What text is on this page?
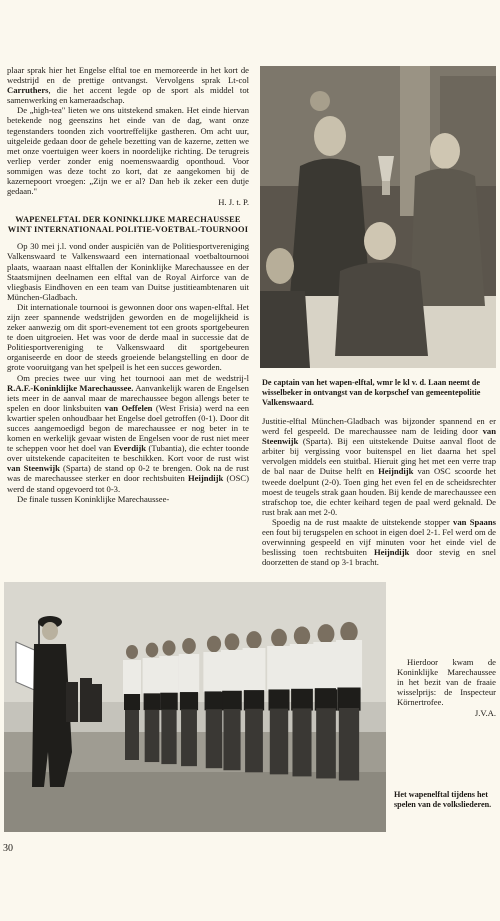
plaar sprak hier het Engelse elftal toe en memoreerde in het kort de wedstrijd en de prettige ontvangst. Vervolgens sprak Lt-col Carruthers, die het accent legde op de sport als middel tot samenwerking en kameraadschap.

De „high-tea" lieten we ons uitstekend smaken. Het einde hiervan betekende nog geenszins het einde van de dag, want onze tegenstanders toonden zich voortreffelijke gastheren. Om acht uur, uitgeleide gedaan door de gehele bezetting van de kazerne, zetten we met onze voertuigen weer koers in noordelijke richting. De terugreis verliep verder zonder enig noemenswaardig oponthoud. Voor sommigen was deze tocht zo kort, dat ze aangekomen bij de kazernepoort vroegen: „Zijn we er al? Dan heb ik zeker een dutje gedaan."

H. J. t. P.
WAPENELFTAL DER KONINKLIJKE MARECHAUSSEE WINT INTERNATIONAAL POLITIE-VOETBAL-TOURNOOI

Op 30 mei j.l. vond onder auspiciën van de Politiesportvereniging Valkenswaard te Valkenswaard een internationaal voetbaltournooi plaats, waaraan naast elftallen der Koninklijke Marechaussee en der Staatsmijnen deelnamen een elftal van de Royal Airforce van de vliegbasis Eindhoven en een team van Duitse justitieambtenaren uit München-Gladbach.

Dit internationale tournooi is gewonnen door ons wapen-elftal. Het zijn zeer spannende wedstrijden geworden en de mogelijkheid is zeker aanwezig om dit sport-evenement tot een groots sportgebeuren te doen uitgroeien. Het was voor de derde maal in successie dat de Politiesportvereniging te Valkenswaard dit sportgebeuren organiseerde en door de steeds groeiende belangstelling en door de grote vooruitgang van het spelpeil is het een succes geworden.

Om precies twee uur ving het tournooi aan met de wedstrij-l R.A.F.-Koninklijke Marechaussee. Aanvankelijk waren de Engelsen iets meer in de aanval maar de marechaussee begon allengs beter te spelen en door linksbuiten van Oeffelen (West Frisia) werd na een kwartier spelen onhoudbaar het Engelse doel getroffen (0-1). Door dit succes aangemoedigd begon de marechaussee er nog beter in te komen en werkelijk gevaar wisten de Engelsen voor de rust niet meer te scheppen voor het doel van Everdijk (Tubantia), die echter toonde over uitstekende capaciteiten te beschikken. Kort voor de rust wist van Steenwijk (Sparta) de stand op 0-2 te brengen. Ook na de rust was de marechaussee sterker en door rechtsbuiten Heijndijk (OSC) werd de stand opgevoerd tot 0-3.

De finale tussen Koninklijke Marechaussee-

De captain van het wapen-elftal, wmr le kl v. d. Laan neemt de wisselbeker in ontvangst van de korpschef van gemeentepolitie Valkenswaard.

Justitie-elftal München-Gladbach was bijzonder spannend en er werd fel gespeeld. De marechaussee nam de leiding door van Steenwijk (Sparta). Bij een uitstekende Duitse aanval floot de arbiter bij vergissing voor buitenspel en liet daarna het spel vervolgen middels een stuitbal. Hieruit ging het met een verre trap de bal naar de Duitse helft en Heijndijk van OSC scoorde het tweede doelpunt (2-0). Toen ging het even fel en de scheidsrechter moest de teugels strak gaan houden. Bij kende de marechaussee een strafschop toe, die echter keihard tegen de paal werd geknald. De rust brak aan met 2-0.

Spoedig na de rust maakte de uitstekende stopper van Spaans een fout bij terugspelen en schoot in eigen doel 2-1. Fel werd om de overwinning gespeeld en vijf minuten voor het einde viel de beslissing toen rechtsbuiten Heijndijk door stevig en snel doorzetten de stand op 3-1 bracht.

Hierdoor kwam de Koninklijke Marechaussee in het bezit van de fraaie wisselprijs: de Inspecteur Körnertrofee.

J.V.A.
Het wapenelftal tijdens het spelen van de volksliederen.
30
